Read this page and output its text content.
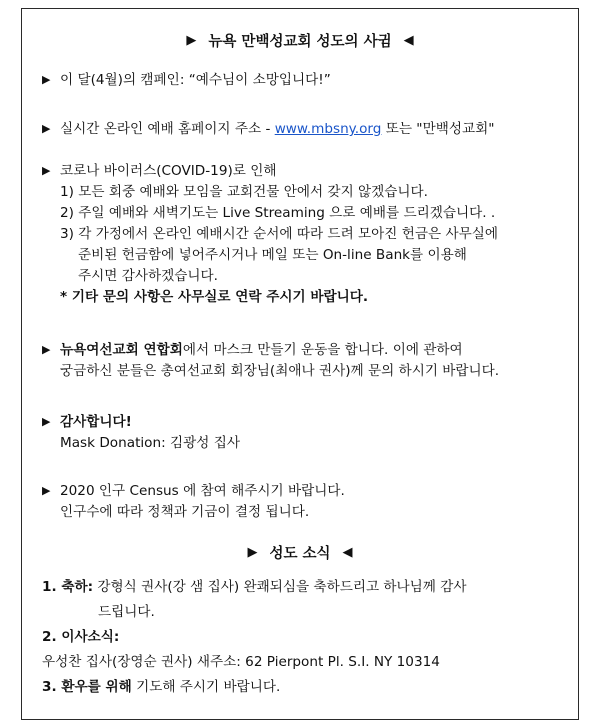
▶ 뉴욕 만백성교회 성도의 사귐 ◀
▶ 이 달(4월)의 캠페인: “예수님이 소망입니다!”
▶ 실시간 온라인 예배 홈페이지 주소 - www.mbsny.org 또는 "만백성교회"
▶ 코로나 바이러스(COVID-19)로 인해
1) 모든 회중 예배와 모임을 교회건물 안에서 갖지 않겠습니다.
2) 주일 예배와 새벽기도는 Live Streaming 으로 예배를 드리겠습니다. .
3) 각 가정에서 온라인 예배시간 순서에 따라 드려 모아진 헌금은 사무실에
준비된 헌금함에 넣어주시거나 메일 또는 On-line Bank를 이용해
주시면 감사하겠습니다.
* 기타 문의 사항은 사무실로 연락 주시기 바랍니다.
▶ 뉴욕여선교회 연합회에서 마스크 만들기 운동을 합니다. 이에 관하여
궁금하신 분들은 총여선교회 회장님(최애나 권사)께 문의 하시기 바랍니다.
▶ 감사합니다!
Mask Donation: 김광성 집사
▶ 2020 인구 Census 에 참여 해주시기 바랍니다.
인구수에 따라 정책과 기금이 결정 됩니다.
▶ 성도 소식 ◀
1. 축하: 강형식 권사(강 샘 집사) 완쾌되심을 축하드리고 하나님께 감사
드립니다.
2. 이사소식:
우성찬 집사(장영순 권사) 새주소: 62 Pierpont Pl. S.I. NY 10314
3. 환우를 위해 기도해 주시기 바랍니다.
